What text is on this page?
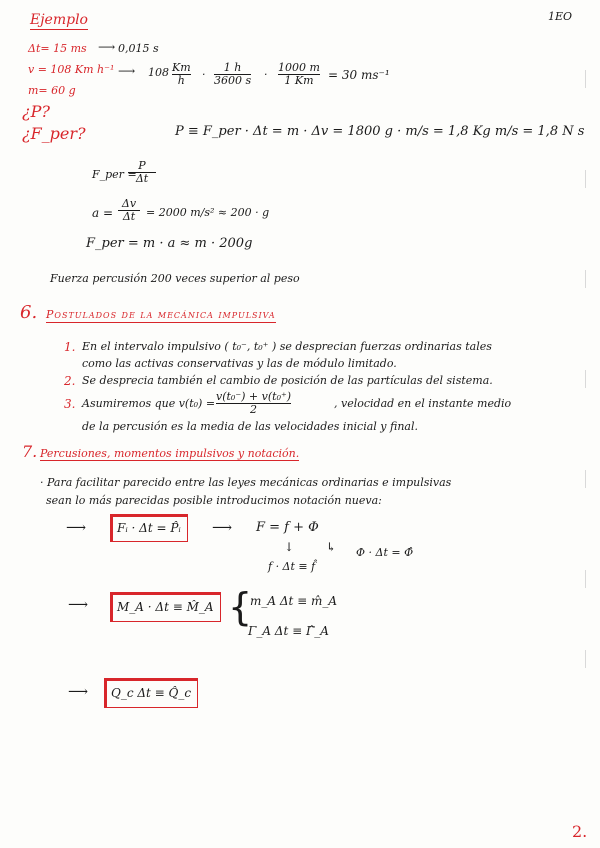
1EO
Ejemplo
Δt= 15 ms ⟶ 0,015 s
v = 108 Km h⁻¹ ⟶ 108 Km
h ·
1 h
3600 s ·
1000 m
1 Km = 30 ms⁻¹
m= 60 g
¿P?
¿F_per?	P ≡ F_per · Δt = m · Δv = 1800 g · m/s = 1,8 Kg m/s = 1,8 N s
F_per =
P
Δt
a =
Δv
Δt = 2000 m/s² ≈ 200 · g
F_per = m · a ≈ m · 200g
Fuerza percusión 200 veces superior al peso
6. Postulados de la mecánica impulsiva
1. En el intervalo impulsivo ( t₀⁻, t₀⁺ ) se desprecian fuerzas ordinarias tales
como las activas conservativas y las de módulo limitado.
2. Se desprecia también el cambio de posición de las partículas del sistema.
3. Asumiremos que v(t₀) =
v(t₀⁻) + v(t₀⁺)
2	, velocidad en el instante medio
de la percusión es la media de las velocidades inicial y final.
7. Percusiones, momentos impulsivos y notación.
· Para facilitar parecido entre las leyes mecánicas ordinarias e impulsivas
sean lo más parecidas posible introducimos notación nueva:
⟶	Fᵢ · Δt = P̂ᵢ	⟶ F = f + Φ
↓	↳
f · Δt ≡ f̂
Φ · Δt = Φ̂
⟶	M_A · Δt ≡ M̂_A {
m_A Δt ≡ m̂_A
Γ_A Δt ≡ Γ̂_A
⟶	Q_c Δt ≡ Q̂_c
2.
